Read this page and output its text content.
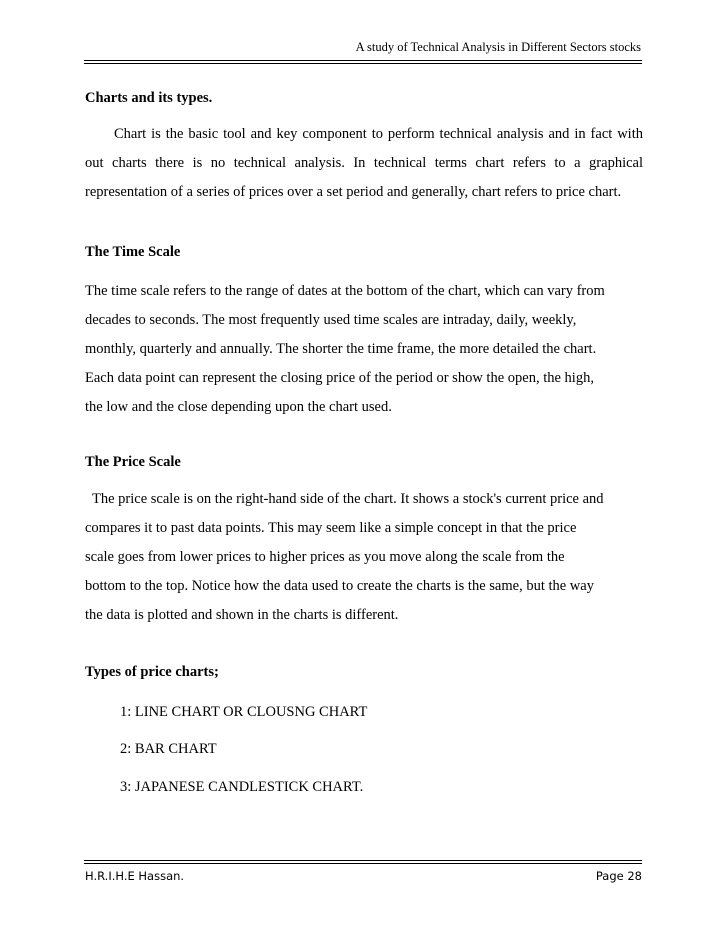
A study of Technical Analysis in Different Sectors stocks
Charts and its types.
Chart is the basic tool and key component to perform technical analysis and in fact with out charts there is no technical analysis. In technical terms chart refers to a graphical representation of a series of prices over a set period and generally, chart refers to price chart.
The Time Scale
The time scale refers to the range of dates at the bottom of the chart, which can vary from
decades to seconds. The most frequently used time scales are intraday, daily, weekly,
monthly, quarterly and annually. The shorter the time frame, the more detailed the chart.
Each data point can represent the closing price of the period or show the open, the high,
the low and the close depending upon the chart used.
The Price Scale
The price scale is on the right-hand side of the chart. It shows a stock's current price and
compares it to past data points. This may seem like a simple concept in that the price
scale goes from lower prices to higher prices as you move along the scale from the
bottom to the top. Notice how the data used to create the charts is the same, but the way
the data is plotted and shown in the charts is different.
Types of price charts;
1: LINE CHART OR CLOUSNG CHART
2: BAR CHART
3: JAPANESE CANDLESTICK CHART.
H.R.I.H.E Hassan.	Page 28
